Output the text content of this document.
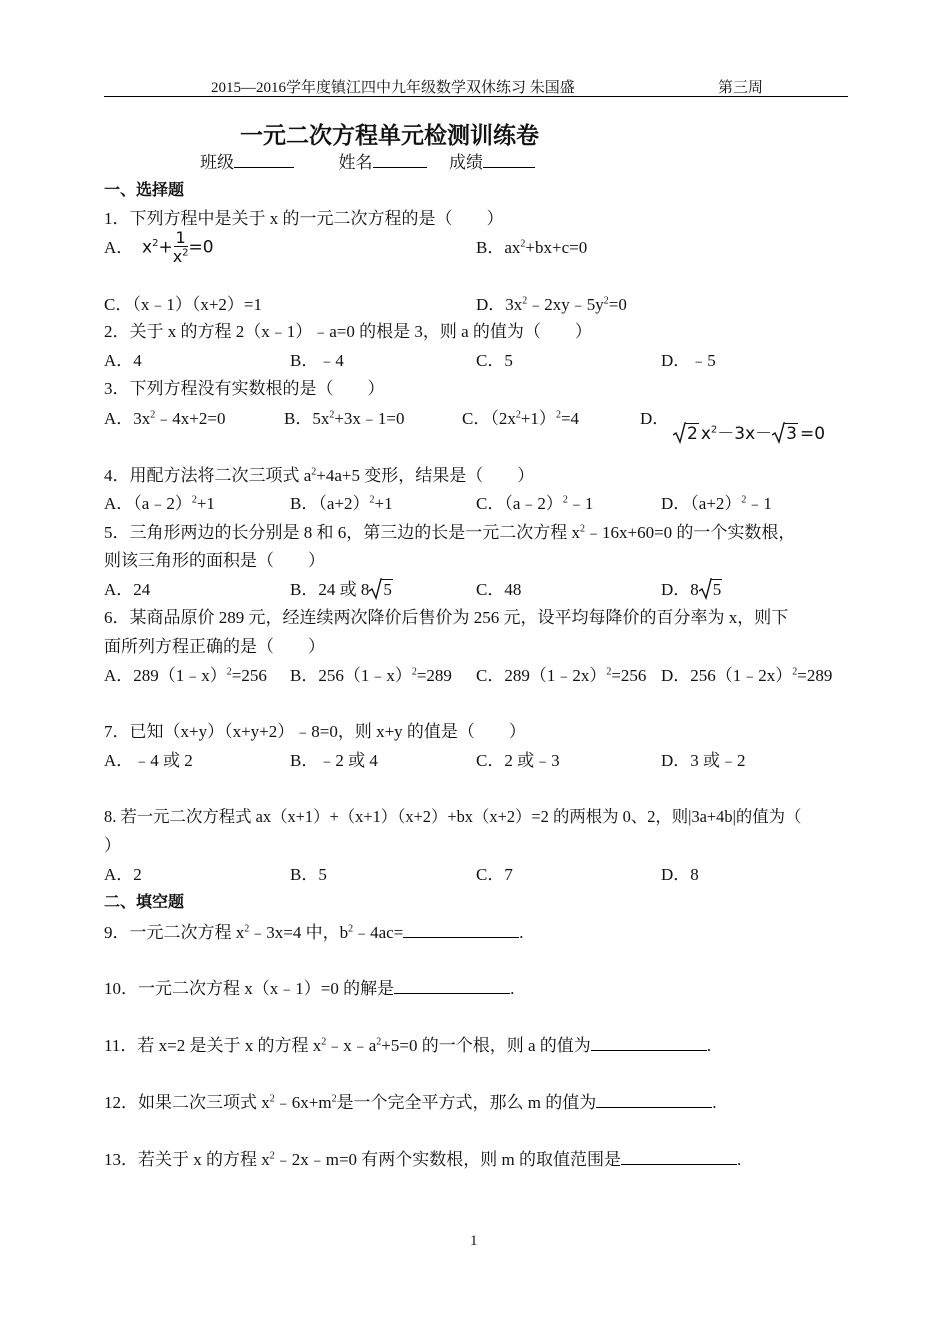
2015—2016学年度镇江四中九年级数学双休练习 朱国盛	第三周
一元二次方程单元检测训练卷
班级	姓名	成绩
一、选择题
1．下列方程中是关于 x 的一元二次方程的是（　　）
A． $x^2+ \frac{1}{x^2} =0$	B．$ax^2+bx+c=0$
C．（x﹣1）（x+2）=1	D．$3x^2﹣2xy﹣5y^2=0$
2．关于 x 的方程 2（x﹣1）﹣a=0 的根是 3，则 a 的值为（　　）
A．4	B．﹣4	C．5	D．﹣5
3．下列方程没有实数根的是（　　）
A．$3x^2﹣4x+2=0$	B．$5x^2+3x﹣1=0$	C．$(2x^2+1)^2=4$	D．
2 $x^2-3x- 3 =0$
4．用配方法将二次三项式 $a^2+4a+5$ 变形，结果是（　　）
A．（a﹣2）$^2$+1	B．$(a+2)^2+1$	C．（a﹣2）$^2$﹣1	D．$(a+2)^2﹣1$
5．三角形两边的长分别是 8 和 6，第三边的长是一元二次方程 $x^2﹣16x+60=0$ 的一个实数根，
则该三角形的面积是（　　）
A．24	B．24 或 8 5	C．48	D．8 5
6．某商品原价 289 元，经连续两次降价后售价为 256 元，设平均每降价的百分率为 x，则下
面所列方程正确的是（　　）
A．289（1﹣x）$^2$=256 B．256（1﹣x）$^2$=289 C．289（1﹣2x）$^2$=256 D．256（1﹣2x）$^2$=289
7．已知（x+y）（x+y+2）﹣8=0，则 x+y 的值是（　　）
A．﹣4 或 2	B．﹣2 或 4	C．2 或﹣3	D．3 或﹣2
8. 若一元二次方程式 ax（x+1）+（x+1）（x+2）+bx（x+2）=2 的两根为 0、2，则|3a+4b|的值为（
）
A．2	B．5	C．7	D．8
二、填空题
9．一元二次方程 $x^2﹣3x=4$ 中，$b^2﹣4ac=$	.
10．一元二次方程 x（x﹣1）=0 的解是	.
11．若 x=2 是关于 x 的方程 $x^2﹣x﹣a^2+5=0$ 的一个根，则 a 的值为	.
12．如果二次三项式 $x^2﹣6x+m^2$是一个完全平方式，那么 m 的值为	.
13．若关于 x 的方程 $x^2﹣2x﹣m=0$ 有两个实数根，则 m 的取值范围是	.
1
